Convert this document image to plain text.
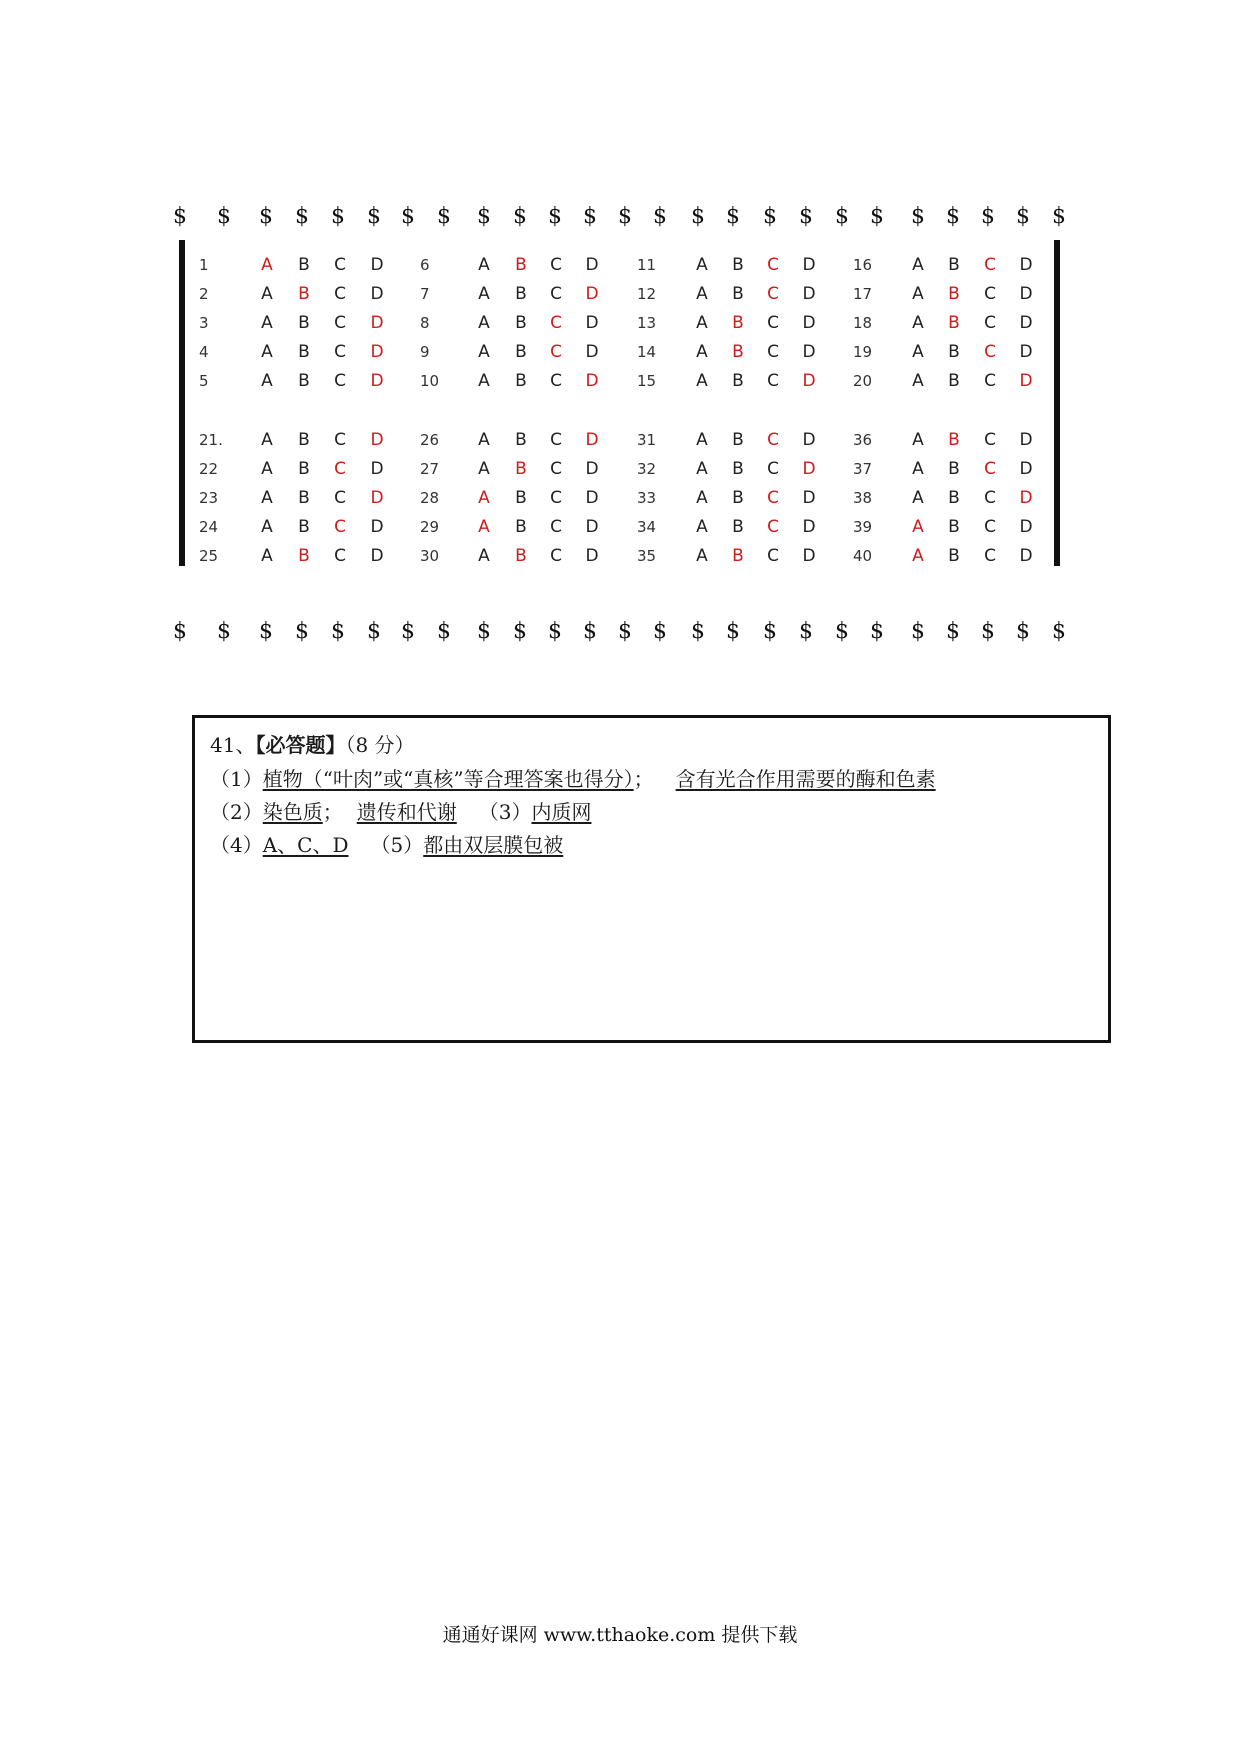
$ $ $ $ $ $ $ $ $ $ $ $ $ $ $ $ $ $ $ $ $ $ $ $ $
1	A B C D
2	A B C D
3	A B C D
4	A B C D
5	A B C D
6	A B C D
7	A B C D
8	A B C D
9	A B C D
10 A B C D
11 A B C D
12 A B C D
13 A B C D
14 A B C D
15 A B C D
16 A B C D
17 A B C D
18 A B C D
19 A B C D
20 A B C D
21. A B C D
22	A B C D
23	A B C D
24	A B C D
25	A B C D
26 A B C D
27 A B C D
28 A B C D
29 A B C D
30 A B C D
31 A B C D
32 A B C D
33 A B C D
34 A B C D
35 A B C D
36 A B C D
37 A B C D
38 A B C D
39 A B C D
40 A B C D
$ $ $ $ $ $ $ $ $ $ $ $ $ $ $ $ $ $ $ $ $ $ $ $ $
41、【必答题】（8 分）
（1）植物（“叶肉”或“真核”等合理答案也得分）； 含有光合作用需要的酶和色素
（2）染色质； 遗传和代谢 （3）内质网
（4）A、C、D （5）都由双层膜包被
通通好课网 www.tthaoke.com 提供下载
